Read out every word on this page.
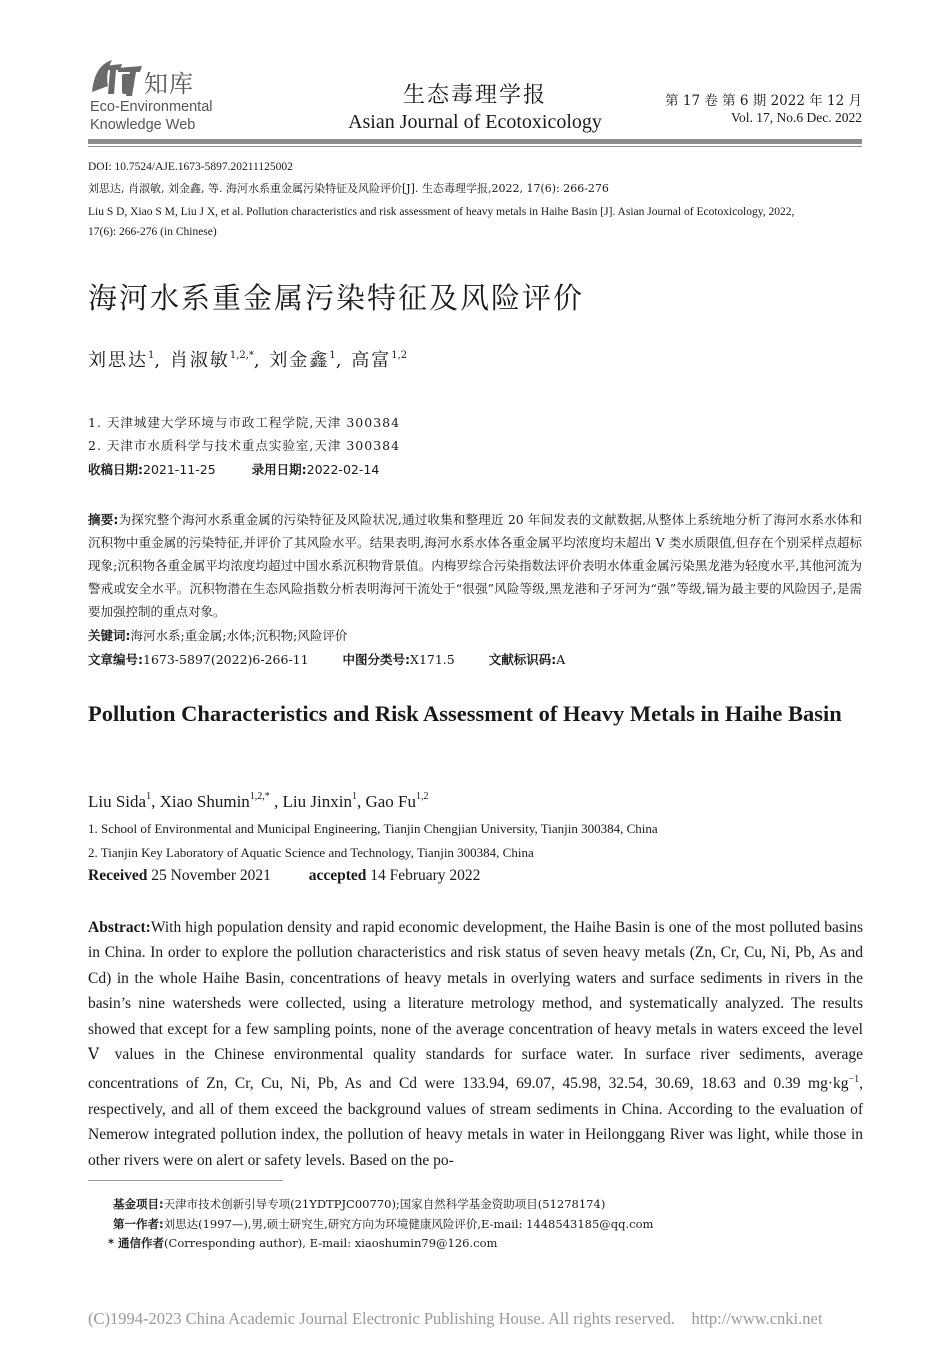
知库
Eco-Environmental
Knowledge Web
生态毒理学报
Asian Journal of Ecotoxicology
第 17 卷 第 6 期 2022 年 12 月
Vol. 17, No.6 Dec. 2022
DOI: 10.7524/AJE.1673-5897.20211125002
刘思达, 肖淑敏, 刘金鑫, 等. 海河水系重金属污染特征及风险评价[J]. 生态毒理学报,2022, 17(6): 266-276
Liu S D, Xiao S M, Liu J X, et al. Pollution characteristics and risk assessment of heavy metals in Haihe Basin [J]. Asian Journal of Ecotoxicology, 2022,
17(6): 266-276 (in Chinese)
海河水系重金属污染特征及风险评价
刘思达$^1$, 肖淑敏$^{1,2,*}$, 刘金鑫$^1$, 高富$^{1,2}$
1. 天津城建大学环境与市政工程学院,天津 300384
2. 天津市水质科学与技术重点实验室,天津 300384
收稿日期:2021-11-25	录用日期:2022-02-14
摘要:为探究整个海河水系重金属的污染特征及风险状况,通过收集和整理近 20 年间发表的文献数据,从整体上系统地分析了海河水系水体和沉积物中重金属的污染特征,并评价了其风险水平。结果表明,海河水系水体各重金属平均浓度均未超出 V 类水质限值,但存在个别采样点超标现象;沉积物各重金属平均浓度均超过中国水系沉积物背景值。内梅罗综合污染指数法评价表明水体重金属污染黑龙港为轻度水平,其他河流为警戒或安全水平。沉积物潜在生态风险指数分析表明海河干流处于“很强”风险等级,黑龙港和子牙河为“强”等级,镉为最主要的风险因子,是需要加强控制的重点对象。
关键词:海河水系;重金属;水体;沉积物;风险评价
文章编号:1673-5897(2022)6-266-11	中图分类号:X171.5	文献标识码:A
Pollution Characteristics and Risk Assessment of Heavy Metals in Haihe Basin
Liu Sida$^1$, Xiao Shumin$^{1,2,*}$ , Liu Jinxin$^1$, Gao Fu$^{1,2}$
1. School of Environmental and Municipal Engineering, Tianjin Chengjian University, Tianjin 300384, China
2. Tianjin Key Laboratory of Aquatic Science and Technology, Tianjin 300384, China
Received 25 November 2021 accepted 14 February 2022
Abstract:With high population density and rapid economic development, the Haihe Basin is one of the most polluted basins in China. In order to explore the pollution characteristics and risk status of seven heavy metals (Zn, Cr, Cu, Ni, Pb, As and Cd) in the whole Haihe Basin, concentrations of heavy metals in overlying waters and surface sediments in rivers in the basin’s nine watersheds were collected, using a literature metrology method, and systematically analyzed. The results showed that except for a few sampling points, none of the average concentration of heavy metals in waters exceed the level Ⅴ values in the Chinese environmental quality standards for surface water. In surface river sediments, average concentrations of Zn, Cr, Cu, Ni, Pb, As and Cd were 133.94, 69.07, 45.98, 32.54, 30.69, 18.63 and 0.39 $mg\cdot kg^{-1}$, respectively, and all of them exceed the background values of stream sediments in China. According to the evaluation of Nemerow integrated pollution index, the pollution of heavy metals in water in Heilonggang River was light, while those in other rivers were on alert or safety levels. Based on the po-
基金项目:天津市技术创新引导专项(21YDTPJC00770);国家自然科学基金资助项目(51278174)
第一作者:刘思达(1997—),男,硕士研究生,研究方向为环境健康风险评价,E-mail: 1448543185@qq.com
* 通信作者(Corresponding author), E-mail: xiaoshumin79@126.com
(C)1994-2023 China Academic Journal Electronic Publishing House. All rights reserved.    http://www.cnki.net
